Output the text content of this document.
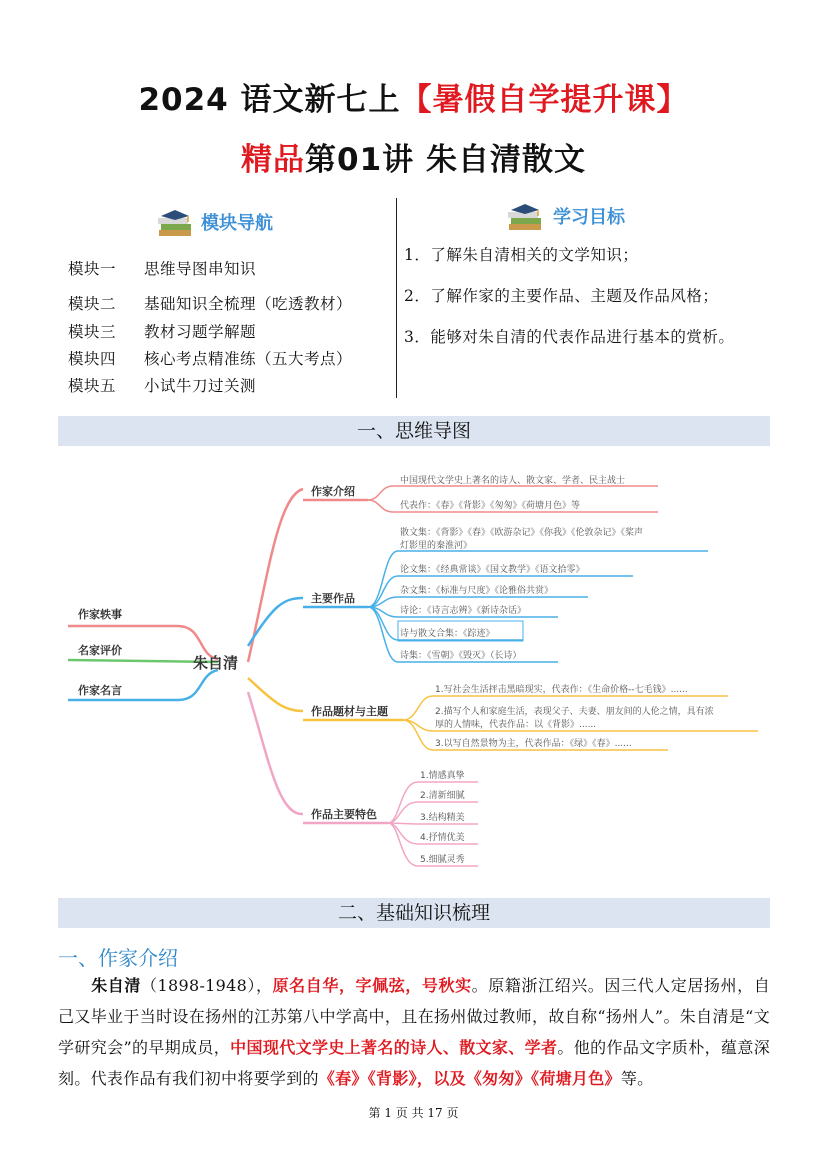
2024 语文新七上【暑假自学提升课】
精品第01讲 朱自清散文
模块导航
模块一 思维导图串知识
模块二 基础知识全梳理（吃透教材）
模块三 教材习题学解题
模块四 核心考点精准练（五大考点）
模块五 小试牛刀过关测
学习目标
1．了解朱自清相关的文学知识；
2．了解作家的主要作品、主题及作品风格；
3．能够对朱自清的代表作品进行基本的赏析。
一、思维导图
作家轶事
名家评价
作家名言
作家介绍
主要作品
作品题材与主题
作品主要特色
朱自清
中国现代文学史上著名的诗人、散文家、学者、民主战士
代表作：《春》《背影》《匆匆》《荷塘月色》等
散文集：《背影》《春》《欧游杂记》《你我》《伦敦杂记》《桨声
灯影里的秦淮河》
论文集：《经典常谈》《国文教学》《语文拾零》
杂文集：《标准与尺度》《论雅俗共赏》
诗论：《诗言志辨》《新诗杂话》
诗与散文合集：《踪迹》
诗集：《雪朝》《毁灭》（长诗）
1.写社会生活抨击黑暗现实，代表作：《生命价格--七毛钱》......
2.描写个人和家庭生活，表现父子、夫妻、朋友间的人伦之情，具有浓
厚的人情味，代表作品：以《背影》......
3.以写自然景物为主，代表作品：《绿》《春》......
1.情感真挚
2.清新细腻
3.结构精美
4.抒情优美
5.细腻灵秀
二、基础知识梳理
一、作家介绍
　　朱自清（1898-1948），原名自华，字佩弦，号秋实。原籍浙江绍兴。因三代人定居扬州，自己又毕业于当时设在扬州的江苏第八中学高中，且在扬州做过教师，故自称“扬州人”。朱自清是“文学研究会”的早期成员，中国现代文学史上著名的诗人、散文家、学者。他的作品文字质朴，蕴意深刻。代表作品有我们初中将要学到的《春》《背影》，以及《匆匆》《荷塘月色》等。
第 1 页 共 17 页
